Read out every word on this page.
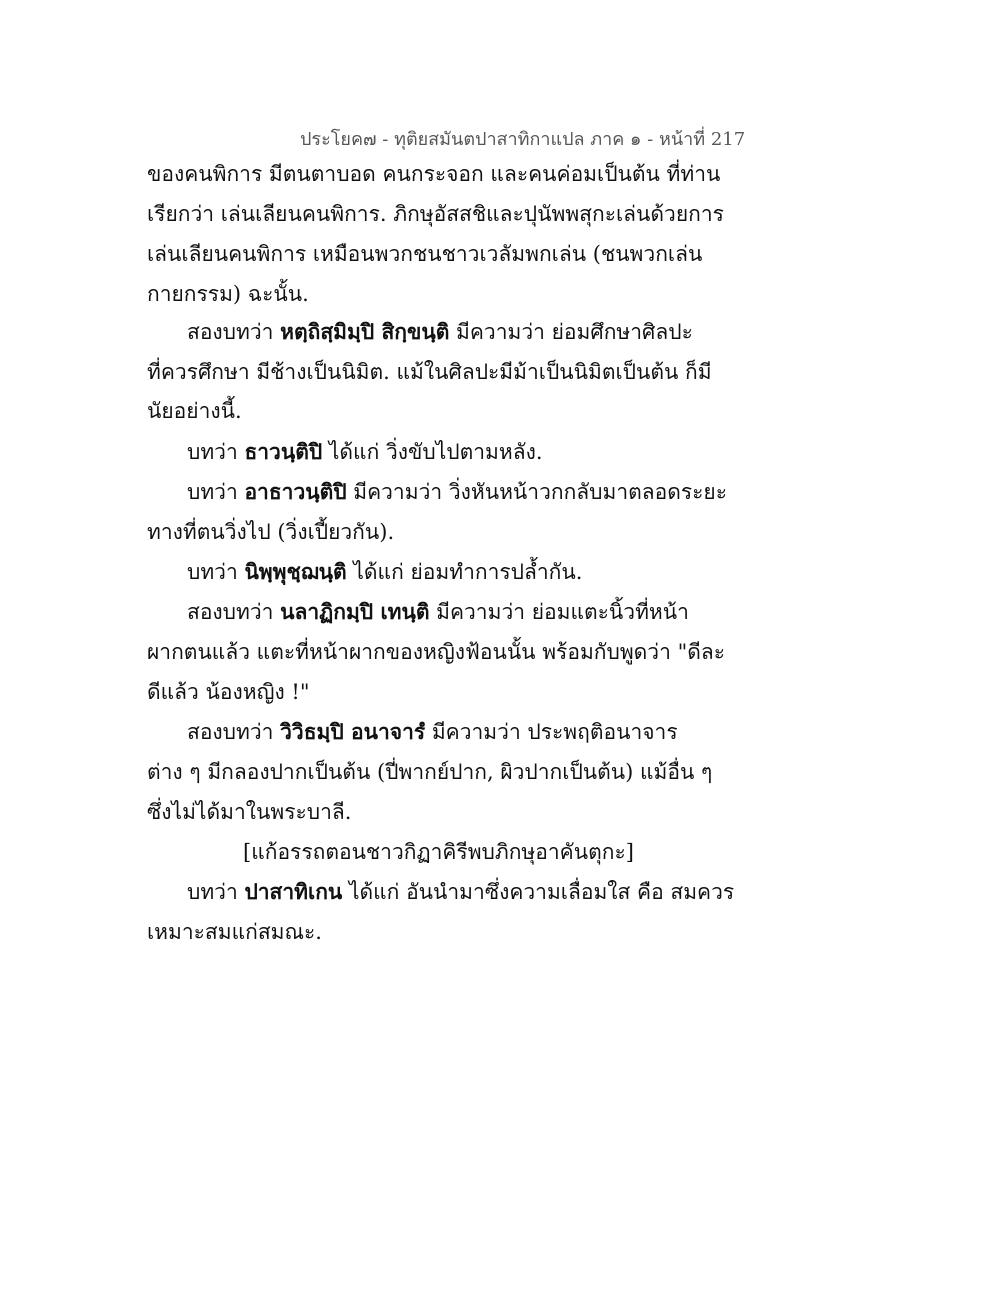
ประโยค๗ - ทุติยสมันตปาสาทิกาแปล ภาค ๑ - หน้าที่ 217
ของคนพิการ มีตนตาบอด คนกระจอก และคนค่อมเป็นต้น ที่ท่าน
เรียกว่า เล่นเลียนคนพิการ. ภิกษุอัสสชิและปุนัพพสุกะเล่นด้วยการ
เล่นเลียนคนพิการ เหมือนพวกชนชาวเวลัมพกเล่น (ชนพวกเล่น
กายกรรม) ฉะนั้น.
สองบทว่า หตฺถิสฺมิมฺปิ สิกฺขนฺติ มีความว่า ย่อมศึกษาศิลปะ
ที่ควรศึกษา มีช้างเป็นนิมิต. แม้ในศิลปะมีม้าเป็นนิมิตเป็นต้น ก็มี
นัยอย่างนี้.
บทว่า ธาวนฺติปิ ได้แก่ วิ่งขับไปตามหลัง.
บทว่า อาธาวนฺติปิ มีความว่า วิ่งหันหน้าวกกลับมาตลอดระยะ
ทางที่ตนวิ่งไป (วิ่งเปี้ยวกัน).
บทว่า นิพฺพุชฺฌนฺติ ได้แก่ ย่อมทำการปล้ำกัน.
สองบทว่า นลาฏิกมฺปิ เทนฺติ มีความว่า ย่อมแตะนิ้วที่หน้า
ผากตนแล้ว แตะที่หน้าผากของหญิงฟ้อนนั้น พร้อมกับพูดว่า "ดีละ
ดีแล้ว น้องหญิง !"
สองบทว่า วิวิธมฺปิ อนาจารํ มีความว่า ประพฤติอนาจาร
ต่าง ๆ มีกลองปากเป็นต้น (ปี่พากย์ปาก, ผิวปากเป็นต้น) แม้อื่น ๆ
ซึ่งไม่ได้มาในพระบาลี.
[แก้อรรถตอนชาวกิฏาคิรีพบภิกษุอาคันตุกะ]
บทว่า ปาสาทิเกน ได้แก่ อันนำมาซึ่งความเลื่อมใส คือ สมควร
เหมาะสมแก่สมณะ.
